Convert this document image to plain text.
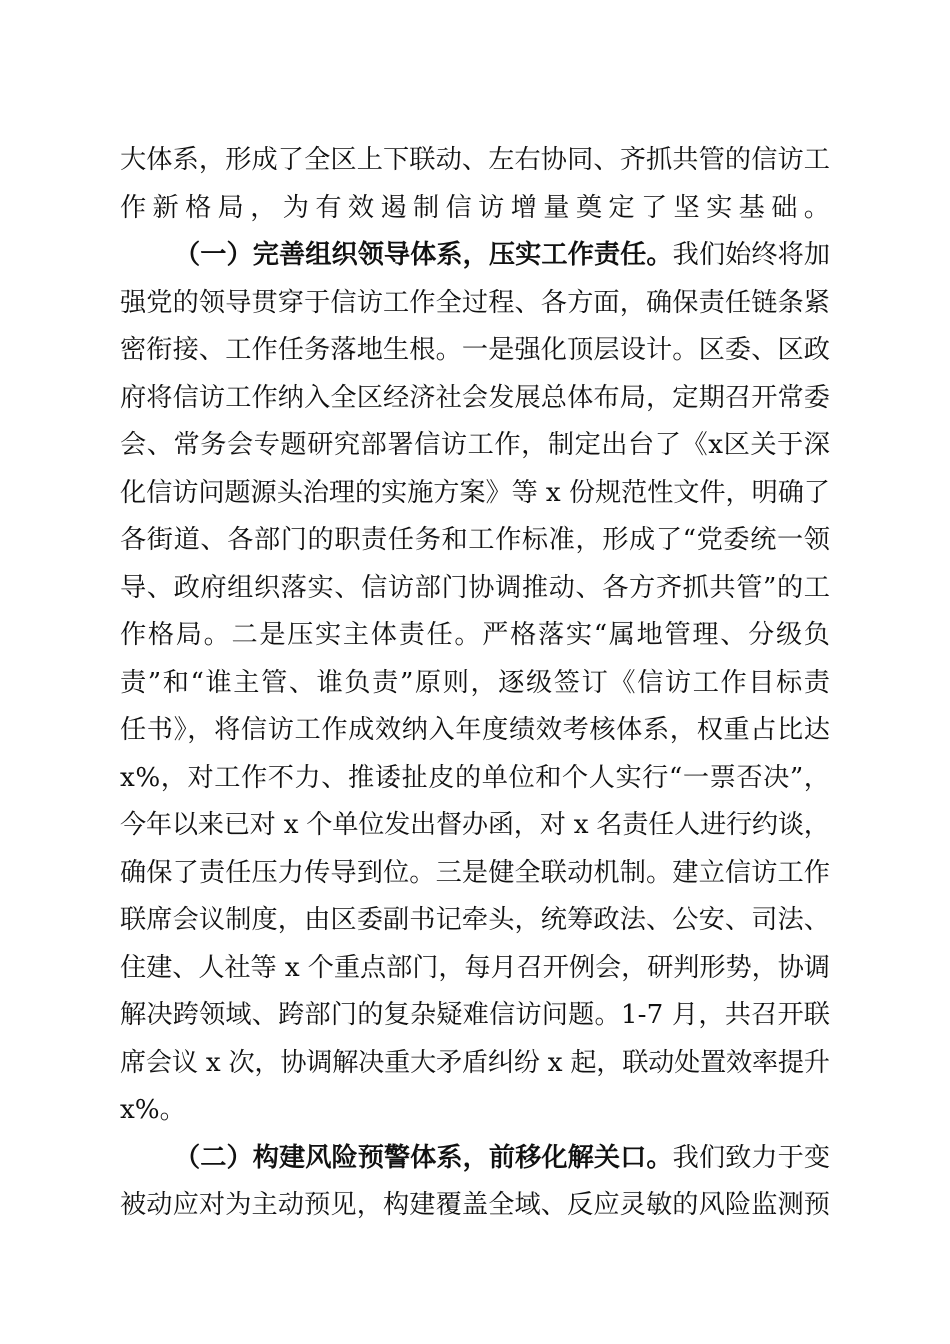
大体系，形成了全区上下联动、左右协同、齐抓共管的信访工
作新格局，为有效遏制信访增量奠定了坚实基础。
（一）完善组织领导体系，压实工作责任。我们始终将加
强党的领导贯穿于信访工作全过程、各方面，确保责任链条紧
密衔接、工作任务落地生根。一是强化顶层设计。区委、区政
府将信访工作纳入全区经济社会发展总体布局，定期召开常委
会、常务会专题研究部署信访工作，制定出台了《x区关于深
化信访问题源头治理的实施方案》等 x 份规范性文件，明确了
各街道、各部门的职责任务和工作标准，形成了“党委统一领
导、政府组织落实、信访部门协调推动、各方齐抓共管”的工
作格局。二是压实主体责任。严格落实“属地管理、分级负
责”和“谁主管、谁负责”原则，逐级签订《信访工作目标责
任书》，将信访工作成效纳入年度绩效考核体系，权重占比达
x%，对工作不力、推诿扯皮的单位和个人实行“一票否决”，
今年以来已对 x 个单位发出督办函，对 x 名责任人进行约谈，
确保了责任压力传导到位。三是健全联动机制。建立信访工作
联席会议制度，由区委副书记牵头，统筹政法、公安、司法、
住建、人社等 x 个重点部门，每月召开例会，研判形势，协调
解决跨领域、跨部门的复杂疑难信访问题。1-7 月，共召开联
席会议 x 次，协调解决重大矛盾纠纷 x 起，联动处置效率提升
x%。
（二）构建风险预警体系，前移化解关口。我们致力于变
被动应对为主动预见，构建覆盖全域、反应灵敏的风险监测预
